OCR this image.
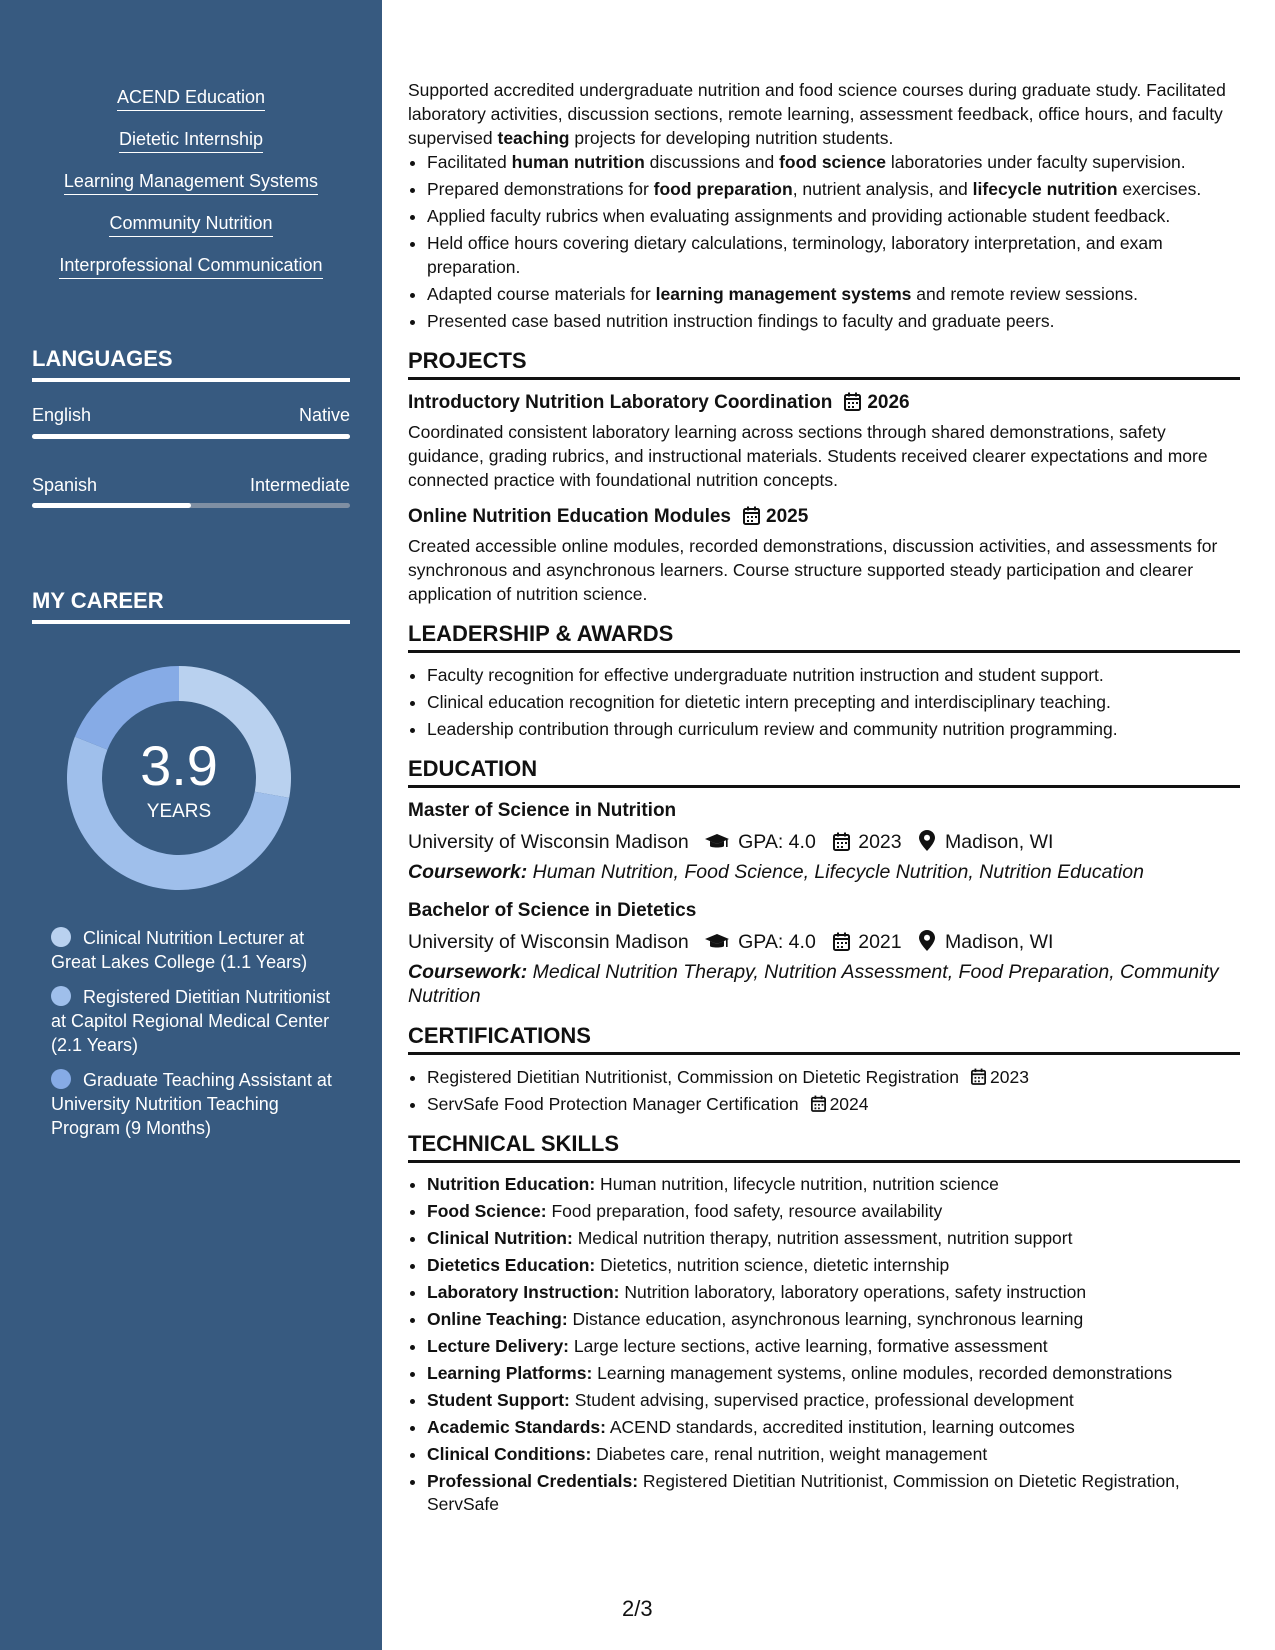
ACEND Education
Dietetic Internship
Learning Management Systems
Community Nutrition
Interprofessional Communication
LANGUAGES
English	Native
Spanish	Intermediate
MY CAREER
3.9
YEARS
Clinical Nutrition Lecturer at Great Lakes College (1.1 Years)
Registered Dietitian Nutritionist at Capitol Regional Medical Center (2.1 Years)
Graduate Teaching Assistant at University Nutrition Teaching Program (9 Months)

Supported accredited undergraduate nutrition and food science courses during graduate study. Facilitated laboratory activities, discussion sections, remote learning, assessment feedback, office hours, and faculty supervised teaching projects for developing nutrition students.

• Facilitated human nutrition discussions and food science laboratories under faculty supervision.
• Prepared demonstrations for food preparation, nutrient analysis, and lifecycle nutrition exercises.
• Applied faculty rubrics when evaluating assignments and providing actionable student feedback.
• Held office hours covering dietary calculations, terminology, laboratory interpretation, and exam preparation.
• Adapted course materials for learning management systems and remote review sessions.
• Presented case based nutrition instruction findings to faculty and graduate peers.
PROJECTS
Introductory Nutrition Laboratory Coordination 2026

Coordinated consistent laboratory learning across sections through shared demonstrations, safety guidance, grading rubrics, and instructional materials. Students received clearer expectations and more connected practice with foundational nutrition concepts.

Online Nutrition Education Modules 2025

Created accessible online modules, recorded demonstrations, discussion activities, and assessments for synchronous and asynchronous learners. Course structure supported steady participation and clearer application of nutrition science.

LEADERSHIP & AWARDS
• Faculty recognition for effective undergraduate nutrition instruction and student support.
• Clinical education recognition for dietetic intern precepting and interdisciplinary teaching.
• Leadership contribution through curriculum review and community nutrition programming.
EDUCATION
Master of Science in Nutrition
University of Wisconsin Madison	GPA: 4.0 2023 Madison, WI
Coursework: Human Nutrition, Food Science, Lifecycle Nutrition, Nutrition Education
Bachelor of Science in Dietetics
University of Wisconsin Madison	GPA: 4.0 2021 Madison, WI
Coursework: Medical Nutrition Therapy, Nutrition Assessment, Food Preparation, Community Nutrition
CERTIFICATIONS
• Registered Dietitian Nutritionist, Commission on Dietetic Registration 2023
• ServSafe Food Protection Manager Certification 2024
TECHNICAL SKILLS
• Nutrition Education: Human nutrition, lifecycle nutrition, nutrition science
• Food Science: Food preparation, food safety, resource availability
• Clinical Nutrition: Medical nutrition therapy, nutrition assessment, nutrition support
• Dietetics Education: Dietetics, nutrition science, dietetic internship
• Laboratory Instruction: Nutrition laboratory, laboratory operations, safety instruction
• Online Teaching: Distance education, asynchronous learning, synchronous learning
• Lecture Delivery: Large lecture sections, active learning, formative assessment
• Learning Platforms: Learning management systems, online modules, recorded demonstrations
• Student Support: Student advising, supervised practice, professional development
• Academic Standards: ACEND standards, accredited institution, learning outcomes
• Clinical Conditions: Diabetes care, renal nutrition, weight management
• Professional Credentials: Registered Dietitian Nutritionist, Commission on Dietetic Registration, ServSafe
2/3
